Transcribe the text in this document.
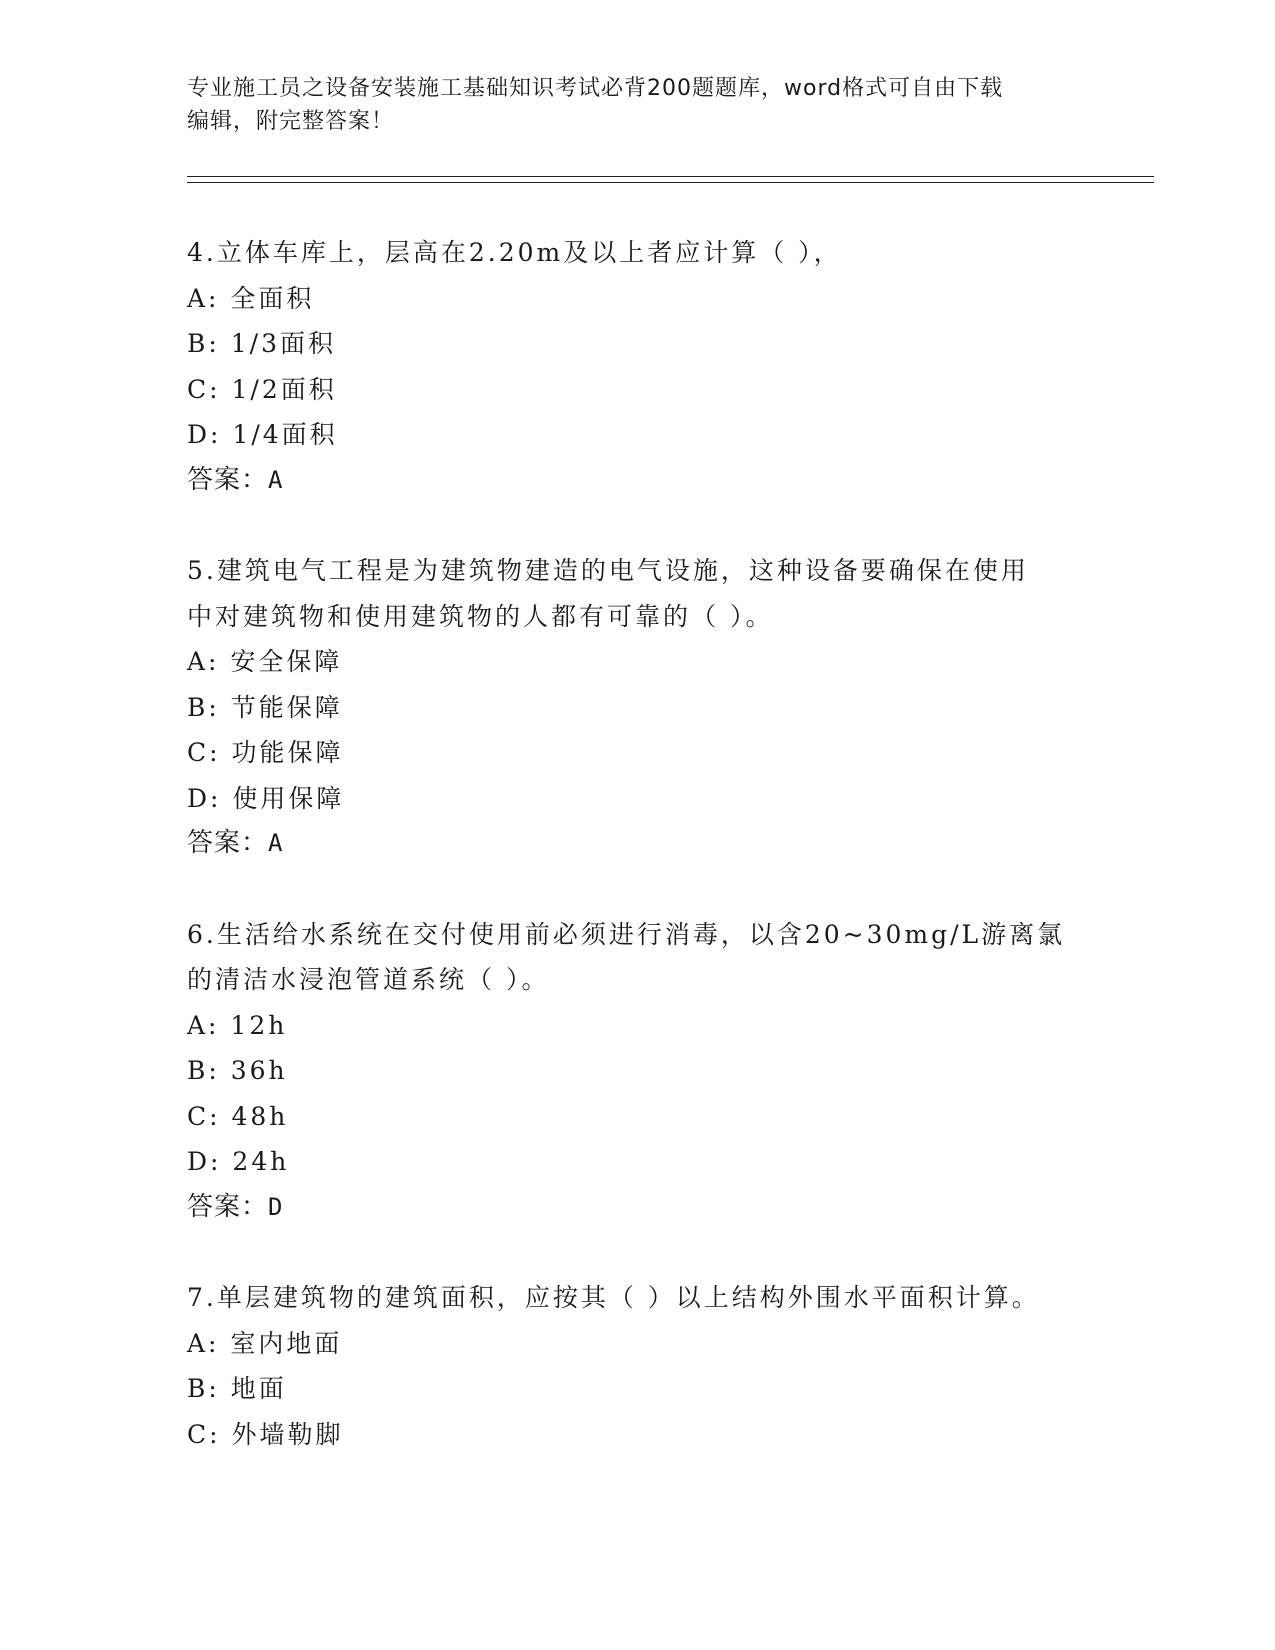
专业施工员之设备安装施工基础知识考试必背200题题库，word格式可自由下载
编辑，附完整答案！
4.立体车库上，层高在2.20m及以上者应计算（ ），
A: 全面积
B: 1/3面积
C: 1/2面积
D: 1/4面积
答案：A
5.建筑电气工程是为建筑物建造的电气设施，这种设备要确保在使用
中对建筑物和使用建筑物的人都有可靠的（ ）。
A: 安全保障
B: 节能保障
C: 功能保障
D: 使用保障
答案：A
6.生活给水系统在交付使用前必须进行消毒，以含20~30mg/L游离氯
的清洁水浸泡管道系统（ ）。
A: 12h
B: 36h
C: 48h
D: 24h
答案：D
7.单层建筑物的建筑面积，应按其（ ）以上结构外围水平面积计算。
A: 室内地面
B: 地面
C: 外墙勒脚
